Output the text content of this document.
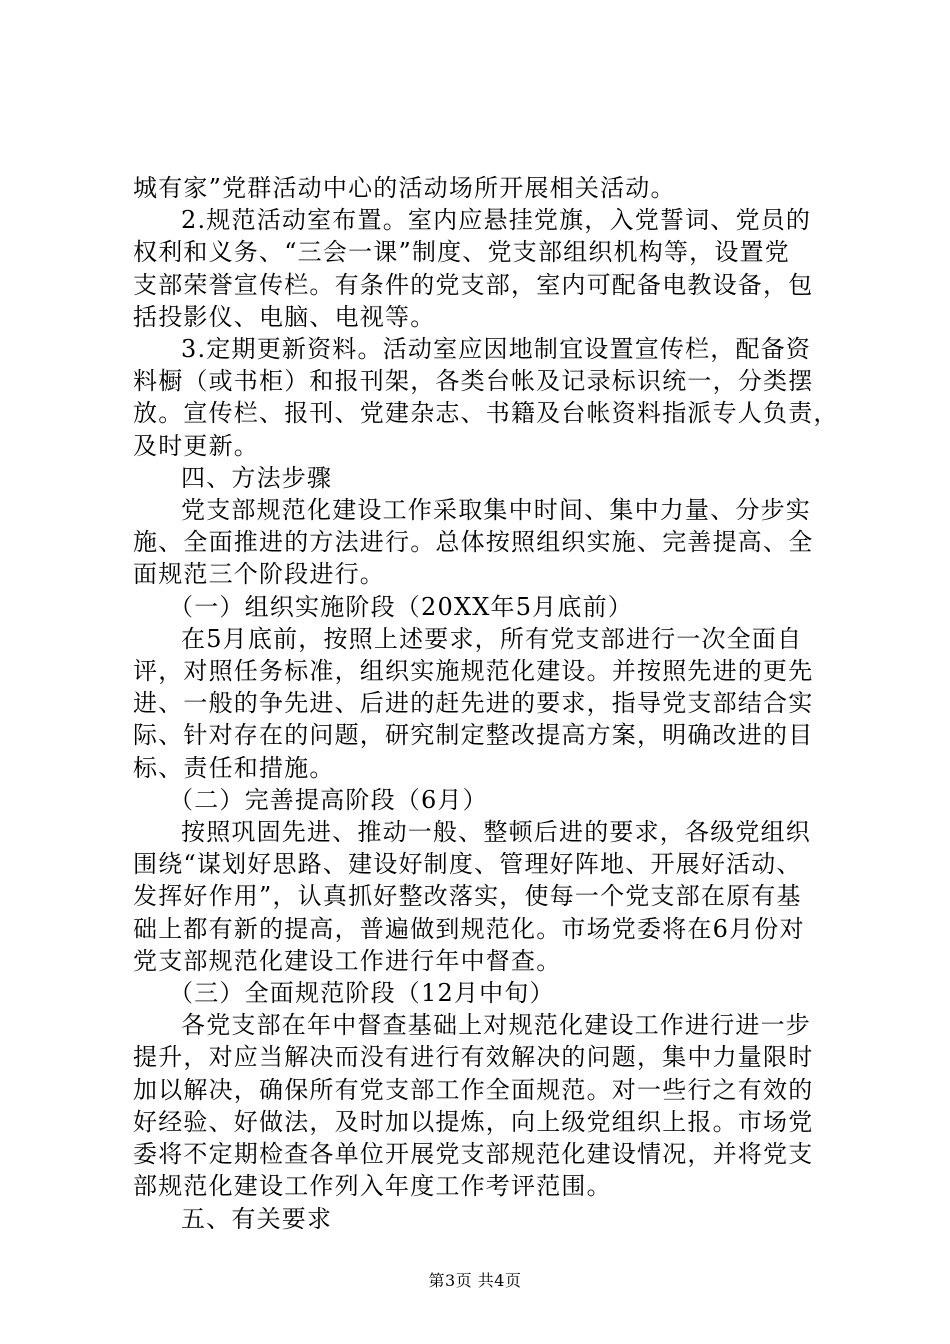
城有家”党群活动中心的活动场所开展相关活动。
2.规范活动室布置。室内应悬挂党旗，入党誓词、党员的
权利和义务、“三会一课”制度、党支部组织机构等，设置党
支部荣誉宣传栏。有条件的党支部，室内可配备电教设备，包
括投影仪、电脑、电视等。
3.定期更新资料。活动室应因地制宜设置宣传栏，配备资
料橱（或书柜）和报刊架，各类台帐及记录标识统一，分类摆
放。宣传栏、报刊、党建杂志、书籍及台帐资料指派专人负责，
及时更新。
四、方法步骤
党支部规范化建设工作采取集中时间、集中力量、分步实
施、全面推进的方法进行。总体按照组织实施、完善提高、全
面规范三个阶段进行。
（一）组织实施阶段（20XX年5月底前）
在5月底前，按照上述要求，所有党支部进行一次全面自
评，对照任务标准，组织实施规范化建设。并按照先进的更先
进、一般的争先进、后进的赶先进的要求，指导党支部结合实
际、针对存在的问题，研究制定整改提高方案，明确改进的目
标、责任和措施。
（二）完善提高阶段（6月）
按照巩固先进、推动一般、整顿后进的要求，各级党组织
围绕“谋划好思路、建设好制度、管理好阵地、开展好活动、
发挥好作用”，认真抓好整改落实，使每一个党支部在原有基
础上都有新的提高，普遍做到规范化。市场党委将在6月份对
党支部规范化建设工作进行年中督查。
（三）全面规范阶段（12月中旬）
各党支部在年中督查基础上对规范化建设工作进行进一步
提升，对应当解决而没有进行有效解决的问题，集中力量限时
加以解决，确保所有党支部工作全面规范。对一些行之有效的
好经验、好做法，及时加以提炼，向上级党组织上报。市场党
委将不定期检查各单位开展党支部规范化建设情况，并将党支
部规范化建设工作列入年度工作考评范围。
五、有关要求
第3页 共4页
